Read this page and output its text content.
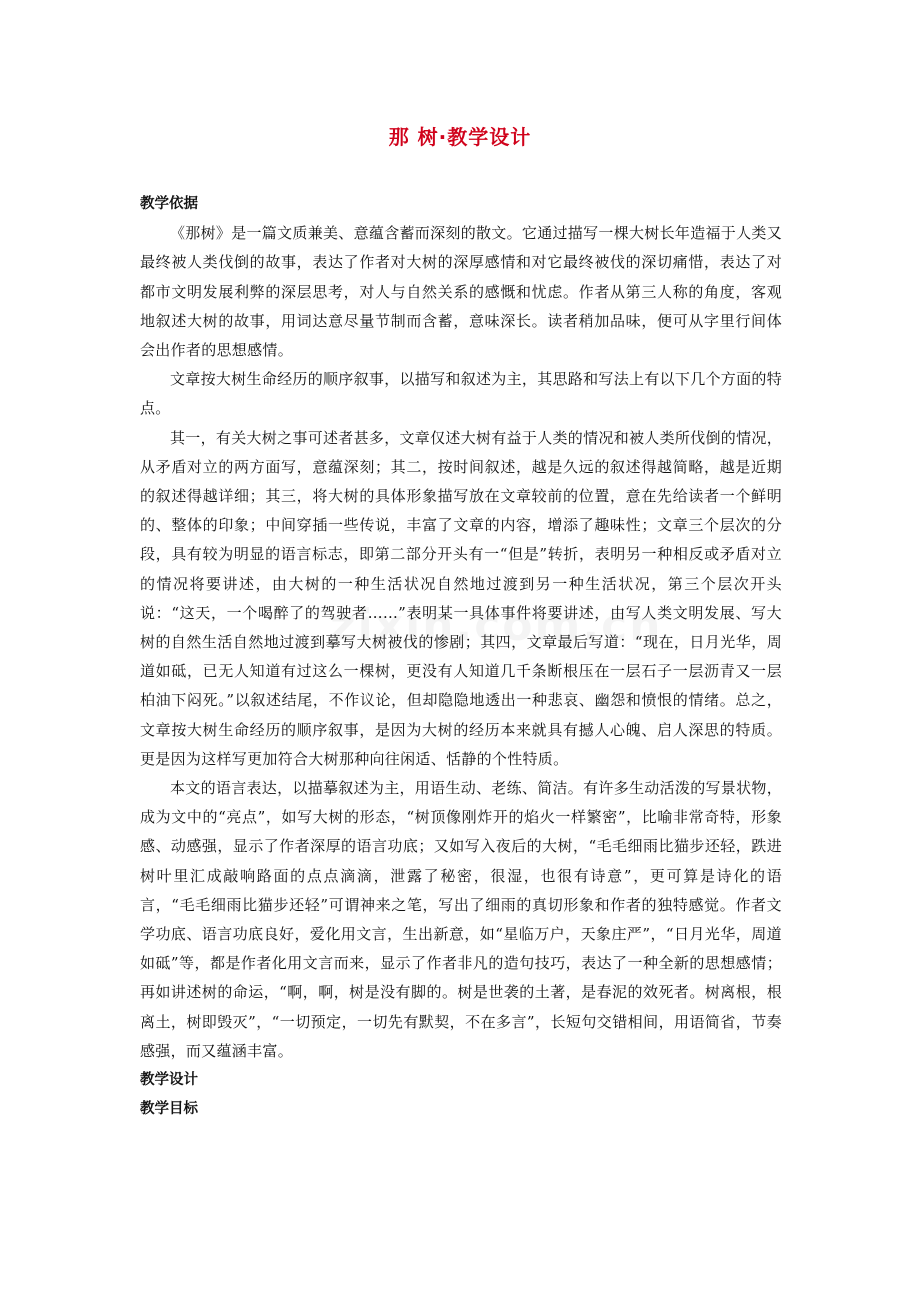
那 树·教学设计

教学依据

《那树》是一篇文质兼美、意蕴含蓄而深刻的散文。它通过描写一棵大树长年造福于人类又最终被人类伐倒的故事，表达了作者对大树的深厚感情和对它最终被伐的深切痛惜，表达了对都市文明发展利弊的深层思考，对人与自然关系的感慨和忧虑。作者从第三人称的角度，客观地叙述大树的故事，用词达意尽量节制而含蓄，意味深长。读者稍加品味，便可从字里行间体会出作者的思想感情。

文章按大树生命经历的顺序叙事，以描写和叙述为主，其思路和写法上有以下几个方面的特点。

其一，有关大树之事可述者甚多，文章仅述大树有益于人类的情况和被人类所伐倒的情况，从矛盾对立的两方面写，意蕴深刻；其二，按时间叙述，越是久远的叙述得越简略，越是近期的叙述得越详细；其三，将大树的具体形象描写放在文章较前的位置，意在先给读者一个鲜明的、整体的印象；中间穿插一些传说，丰富了文章的内容，增添了趣味性；文章三个层次的分段，具有较为明显的语言标志，即第二部分开头有一“但是”转折，表明另一种相反或矛盾对立的情况将要讲述，由大树的一种生活状况自然地过渡到另一种生活状况，第三个层次开头说：“这天，一个喝醉了的驾驶者……”表明某一具体事件将要讲述，由写人类文明发展、写大树的自然生活自然地过渡到摹写大树被伐的惨剧；其四，文章最后写道：“现在，日月光华，周道如砥，已无人知道有过这么一棵树，更没有人知道几千条断根压在一层石子一层沥青又一层柏油下闷死。”以叙述结尾，不作议论，但却隐隐地透出一种悲哀、幽怨和愤恨的情绪。总之，文章按大树生命经历的顺序叙事，是因为大树的经历本来就具有撼人心魄、启人深思的特质。更是因为这样写更加符合大树那种向往闲适、恬静的个性特质。

本文的语言表达，以描摹叙述为主，用语生动、老练、简洁。有许多生动活泼的写景状物，成为文中的“亮点”，如写大树的形态，“树顶像刚炸开的焰火一样繁密”，比喻非常奇特，形象感、动感强，显示了作者深厚的语言功底；又如写入夜后的大树，“毛毛细雨比猫步还轻，跌进树叶里汇成敲响路面的点点滴滴，泄露了秘密，很湿，也很有诗意”，更可算是诗化的语言，“毛毛细雨比猫步还轻”可谓神来之笔，写出了细雨的真切形象和作者的独特感觉。作者文学功底、语言功底良好，爱化用文言，生出新意，如“星临万户，天象庄严”，“日月光华，周道如砥”等，都是作者化用文言而来，显示了作者非凡的造句技巧，表达了一种全新的思想感情；再如讲述树的命运，“啊，啊，树是没有脚的。树是世袭的土著，是春泥的效死者。树离根，根离土，树即毁灭”，“一切预定，一切先有默契，不在多言”，长短句交错相间，用语简省，节奏感强，而又蕴涵丰富。

教学设计

教学目标
